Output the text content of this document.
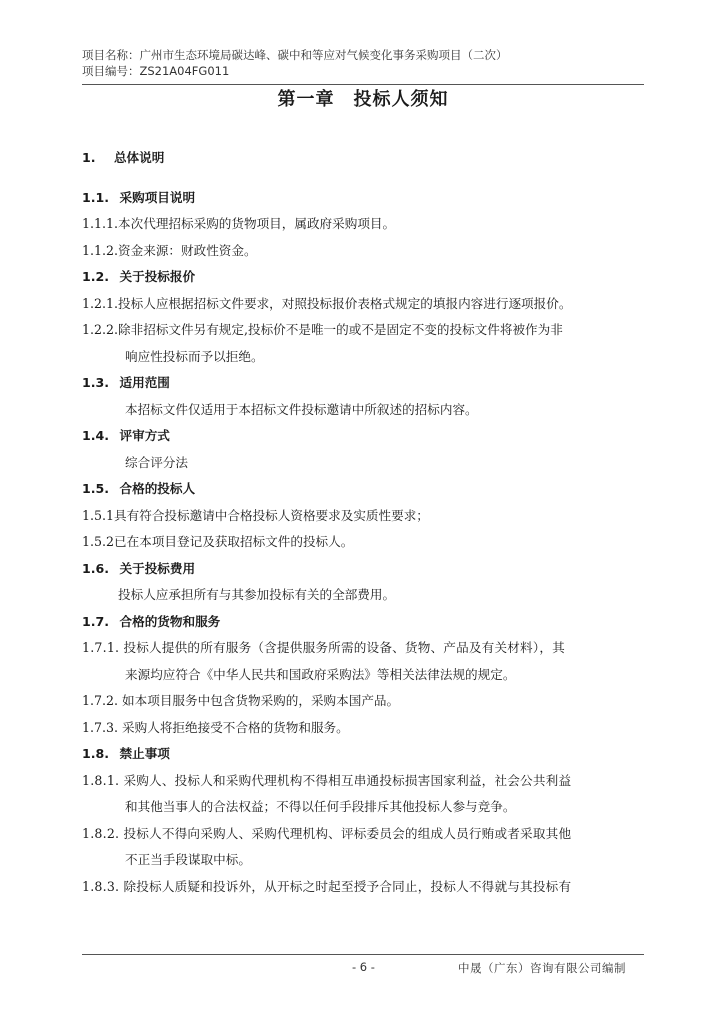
项目名称：广州市生态环境局碳达峰、碳中和等应对气候变化事务采购项目（二次）
项目编号：ZS21A04FG011
第一章　投标人须知
1. 总体说明
1.1. 采购项目说明
1.1.1.本次代理招标采购的货物项目，属政府采购项目。
1.1.2.资金来源：财政性资金。
1.2. 关于投标报价
1.2.1.投标人应根据招标文件要求，对照投标报价表格式规定的填报内容进行逐项报价。
1.2.2.除非招标文件另有规定,投标价不是唯一的或不是固定不变的投标文件将被作为非
响应性投标而予以拒绝。
1.3. 适用范围
本招标文件仅适用于本招标文件投标邀请中所叙述的招标内容。
1.4. 评审方式
综合评分法
1.5. 合格的投标人
1.5.1具有符合投标邀请中合格投标人资格要求及实质性要求；
1.5.2已在本项目登记及获取招标文件的投标人。
1.6. 关于投标费用
投标人应承担所有与其参加投标有关的全部费用。
1.7. 合格的货物和服务
1.7.1. 投标人提供的所有服务（含提供服务所需的设备、货物、产品及有关材料），其
来源均应符合《中华人民共和国政府采购法》等相关法律法规的规定。
1.7.2. 如本项目服务中包含货物采购的，采购本国产品。
1.7.3. 采购人将拒绝接受不合格的货物和服务。
1.8. 禁止事项
1.8.1. 采购人、投标人和采购代理机构不得相互串通投标损害国家利益，社会公共利益
和其他当事人的合法权益；不得以任何手段排斥其他投标人参与竞争。
1.8.2. 投标人不得向采购人、采购代理机构、评标委员会的组成人员行贿或者采取其他
不正当手段谋取中标。
1.8.3. 除投标人质疑和投诉外，从开标之时起至授予合同止，投标人不得就与其投标有
- 6 -	中晟（广东）咨询有限公司编制
